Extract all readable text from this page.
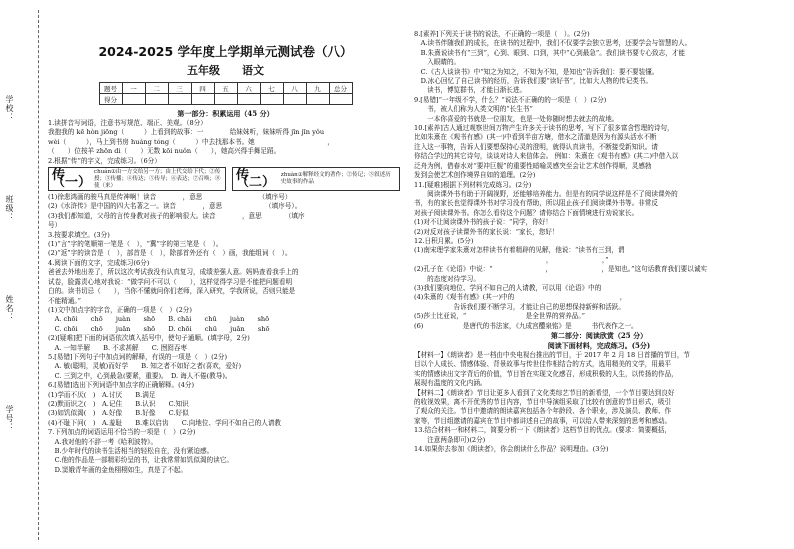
学校：
班级：
姓名：
学号：
2024-2025 学年度上学期单元测试卷（八）
五年级　　语文
题号	一	二	三	四	五	六	七	八	九	总分
得分										
第一部分：积累运用（45 分）
1.读拼音写词语，注意书写规范、端正、美观。（8分）
我抱我的 kē hòn jiōng（　　　）上看到的故事：一　　　　给妹妹听，妹妹听得 jīn jīn yǒu
wèi（　　　），马上到书房 huáng tóng（　　　）中去找那本书。她　　　　　　　　　　　，
（　　）位按羊 zhōn di（　　）无数 kōi nuǒn（　　），她高兴得手舞足蹈。
2.根据“传”的字义，完成练习。（6分）
传（一）
chuán①由一方交给另一方；由上代交给下代；②传授；③传播；④传达；⑤传导；⑥表达；⑦召唤；⑧使（来）
传（二）	zhuàn①解释经文的著作；②传记；③叙述历史故事的作品
(1)徐悲鸿画的骏马真是传神啊！读音　　　　，意思　　　　　　　　　（填序号）
(2)《水浒传》是中国的四大名著之一。读音　　　　，意思　　　　　　　（填序号）。
(3)我们都知道，父母的言传身教对孩子的影响很大。读音　　　　，意思　　　　（填序
号）
3.按要求填空。(3分)
(1)“言”字的笔顺第一笔是（　），“冀”字的第三笔是（　）。
(2)“返”字的读音是（　），部首是（　），除部首外还有（　）画，我能组词（　）。
4.阅读下面的文字，完成练习(6分)
爸爸去外地出差了，所以这次考试我没有认真复习，成绩差强人意。妈妈查看我手上的
试卷，脸露责心地对我说：“做学问不可以（　　），这样觉得学习是不能把问题看明
白的。读书切忌（　　），当你不懂就问你们老师，深入研究，学我所说，否则只能是
不能精通。”
(1)文中加点字的字音，正确的一项是（　）(2分)
　A. chōi　　chō　　juàn　　shō　　B. chāi　　chū　　juàn　　shō
　C. chōi　　chō　　juān　　shō　　D. chōi　　chū　　juān　　shō
(2)[疑难]把下面的词语依次填入括号中，使句子通顺。(填字母，2分)
　A. 一知半解　　B. 不求甚解　　C. 囫囵吞枣
5.[易错]下列句子中加点词的解释，有误的一项是（　）(2分)
　A. 敏(聪明，灵敏)而好学　　B. 知之者不如好之者(喜欢，爱好)
　C. 三到之中，心到最急(要紧，重要)。　D. 诲人不倦(教导)。
6.[易错]选出下列词语中加点字的正确解释。(4分)
(1)学而不厌(　)　A.讨厌　　B.满足
(2)默而识之(　)　A.记住　　B.认识　　C.知识
(3)如饥似渴(　)　A.好像　　B.好像　　C.好似
(4)不耻下问(　)　A.羞耻　　B.难以启齿　　C.向地位、学问不如自己的人请教
7.下列加点的词语运用不恰当的一项是（　）(2分)
　A.我对他的不辞一考《哈利波特》。
　B.少年时代的读书生活相当的轻松自在，没有紧迫感。
　C.他的作品是一部精彩纷呈的书，让我常常如饥似渴的读它。
　D.窦娥青年画的金鱼栩栩如生，真是了不起。
8.[素养]下列关于读书的说法，不正确的一项是（　）。(2分)
　A.读书伴随我们的成长，在读书的过程中，我们不仅要学会独立思考，还要学会与智慧的人。
　B.朱熹说读书有“三到”，心到、眼到、口到，其中“心到最急”。我们读书要专心致志，才能
　　入眼睛的。
　C.《古人谈读书》中“知之为知之，不知为不知，是知也”告诉我们：要不要装懂。
　D.冰心回忆了自己读书的经历，告诉我们要“读好书”，比如大人物的传记类书。
　　读书，博览群书，才能日渐长进。
9.[易错]“一年级不学，什么？”说法不正确的的一项是（　）(2分)
　　书，被人们称为人类文明的“长生书”
　　一本你喜爱的书就是一位朋友，也是一处你随时想去就去的故地。
10.[素养]古人通过观察世间万物产生许多关于读书的思考，写下了很多富含哲理的诗句，
比如朱熹在《观书有感》(其一)中看到半亩方塘，借水之清澈是因为有源头活水不断
注入这一事物，告诉人们要想保持心灵的澄明，就得认真读书，不断接受新知识。请
你结合学过的其它诗句，谈谈对诗人来信体会。 例如：朱熹在《观书有感》(其二)中借入以
泛舟为例，借春水对“要冲巨舰”的重要性暗喻灵感突至会让艺术创作得顺，灵感勃
发到会使艺术创作境界自如的道理。(2分)
11.[疑难]根据下列材料完成练习。(2分)
　　阅读课外书有助于开阔视野，还能够培养能力。但是有的同学说这样是不了阅读课外的
书，有的家长也觉得课外书对学习没有帮助，所以阻止孩子们阅读课外书等。非常反
对孩子阅读课外书。你怎么看待这个问题？请你结合下面情境进行劝说家长。
(1)对不让阅读课外书的孩子说：“同学，你好！
(2)对反对孩子读课外书的家长说：“家长，您好！
12.日积月累。(5分)
(1)南宋理学家朱熹对怎样读书有着精辟的见解，他说：“读书有三到，谓
　　　　　　　　　　　　　　　　　　　　，　　　　　　　　，”
(2)孔子在《论语》中说：“　　　　　　　　，　　　　　　　　，是知也。”这句话教育我们要以诚实
　　的态度对待学习。
(3)我们要向地位、学问不如自己的人请教，可以用《论语》中的
(4)朱熹的《观书有感》(其一)中的　　　　　　　　　　　　　　　　，
　　　　　　告诉我们要不断学习，才能让自己的思想保持新鲜和活跃。
(5)莎士比亚说，“　　　　　　　　　是全世界的营养品。”
(6)　　　　　　是唐代的书法家，《九成宫醴泉铭》是　　　书代表作之一。
第二部分：阅读欣赏（25 分）
阅读下面材料，完成练习。(5分)
【材料一】《朗读者》是一档由中央电视台推出的节目，于 2017 年 2 月 18 日首播的节目，节
目以个人成长、情感体验、背景故事与传世佳作相结合的方式，选用精美的文学，用最平
实的情感读出文字背后的价值，节目旨在实现文化感召，形成积极的人生，以传扬的作品，
展现有温度的文化内涵。
【材料二】《朗读者》节目让更多人看到了文化类综艺节目的新希望，一个节目要达到良好
的收视效果，离不开优秀的节目内容，节目中导演组采取了比较有创意的节目形式，吸引
了观众的关注。节目中邀请的朗读嘉宾包括各个年龄段、各个职业，涉及演员、教师、作
家等，节目组邀请的嘉宾在节目中都讲述自己的故事，可以给人带来深刻的思考和感动。
13.结合材料一和材料二，简要分析一下《朗读者》这档节目的优点。(要求：简要概括，
　　注意两条即可)(2分)
14.如果你去参加《朗读者》，你会朗读什么作品？说明理由。(3分)
